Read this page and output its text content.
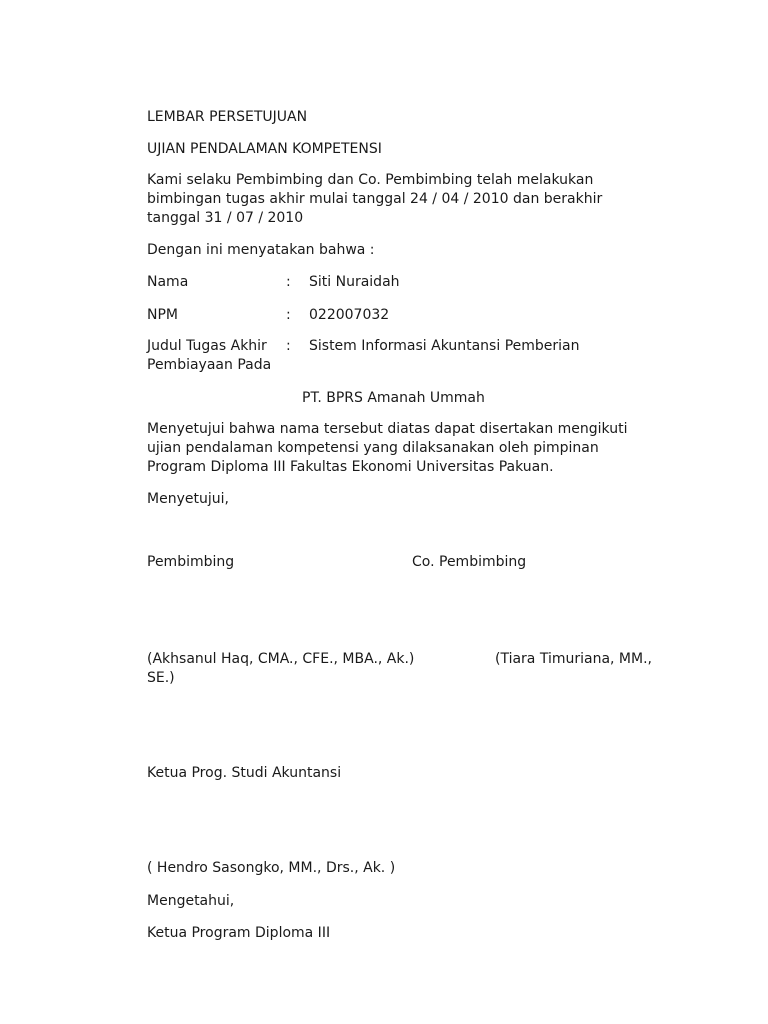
LEMBAR PERSETUJUAN
UJIAN PENDALAMAN KOMPETENSI
Kami selaku Pembimbing dan Co. Pembimbing telah melakukan
bimbingan tugas akhir mulai tanggal 24 / 04 / 2010 dan berakhir
tanggal 31 / 07 / 2010
Dengan ini menyatakan bahwa :
Nama	: Siti Nuraidah
NPM	: 022007032
Judul Tugas Akhir : Sistem Informasi Akuntansi Pemberian
Pembiayaan Pada
PT. BPRS Amanah Ummah
Menyetujui bahwa nama tersebut diatas dapat disertakan mengikuti
ujian pendalaman kompetensi yang dilaksanakan oleh pimpinan
Program Diploma III Fakultas Ekonomi Universitas Pakuan.
Menyetujui,
Pembimbing	Co. Pembimbing
(Akhsanul Haq, CMA., CFE., MBA., Ak.)	(Tiara Timuriana, MM.,
SE.)
Ketua Prog. Studi Akuntansi
( Hendro Sasongko, MM., Drs., Ak. )
Mengetahui,
Ketua Program Diploma III
